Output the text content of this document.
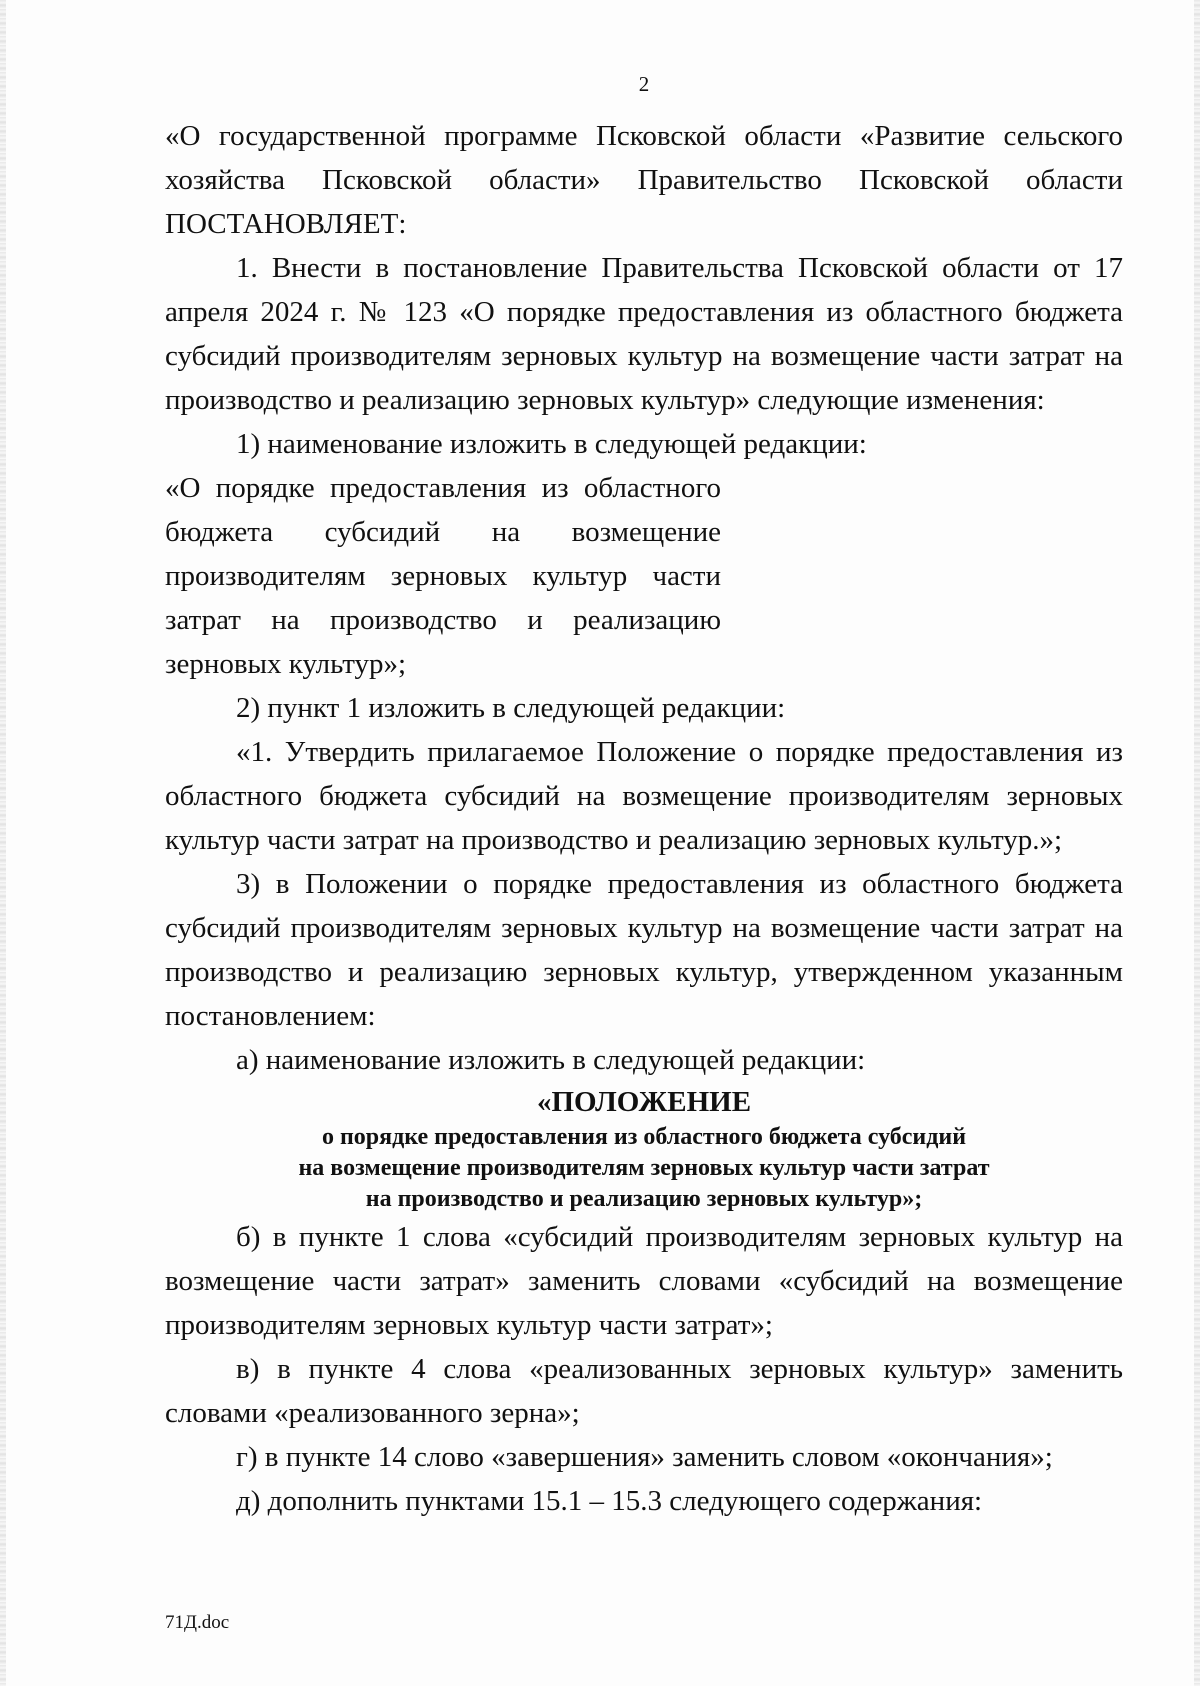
2

«О государственной программе Псковской области «Развитие сельского хозяйства Псковской области» Правительство Псковской области ПОСТАНОВЛЯЕТ:

1. Внести в постановление Правительства Псковской области от 17 апреля 2024 г. № 123 «О порядке предоставления из областного бюджета субсидий производителям зерновых культур на возмещение части затрат на производство и реализацию зерновых культур» следующие изменения:

1) наименование изложить в следующей редакции:

«О порядке предоставления из областного
бюджета субсидий на возмещение
производителям зерновых культур части
затрат на производство и реализацию
зерновых культур»;

2) пункт 1 изложить в следующей редакции:

«1. Утвердить прилагаемое Положение о порядке предоставления из областного бюджета субсидий на возмещение производителям зерновых культур части затрат на производство и реализацию зерновых культур.»;

3) в Положении о порядке предоставления из областного бюджета субсидий производителям зерновых культур на возмещение части затрат на производство и реализацию зерновых культур, утвержденном указанным постановлением:

а) наименование изложить в следующей редакции:

«ПОЛОЖЕНИЕ

о порядке предоставления из областного бюджета субсидий

на возмещение производителям зерновых культур части затрат

на производство и реализацию зерновых культур»;

б) в пункте 1 слова «субсидий производителям зерновых культур на возмещение части затрат» заменить словами «субсидий на возмещение производителям зерновых культур части затрат»;

в) в пункте 4 слова «реализованных зерновых культур» заменить словами «реализованного зерна»;

г) в пункте 14 слово «завершения» заменить словом «окончания»;

д) дополнить пунктами 15.1 – 15.3 следующего содержания:

71Д.doc
